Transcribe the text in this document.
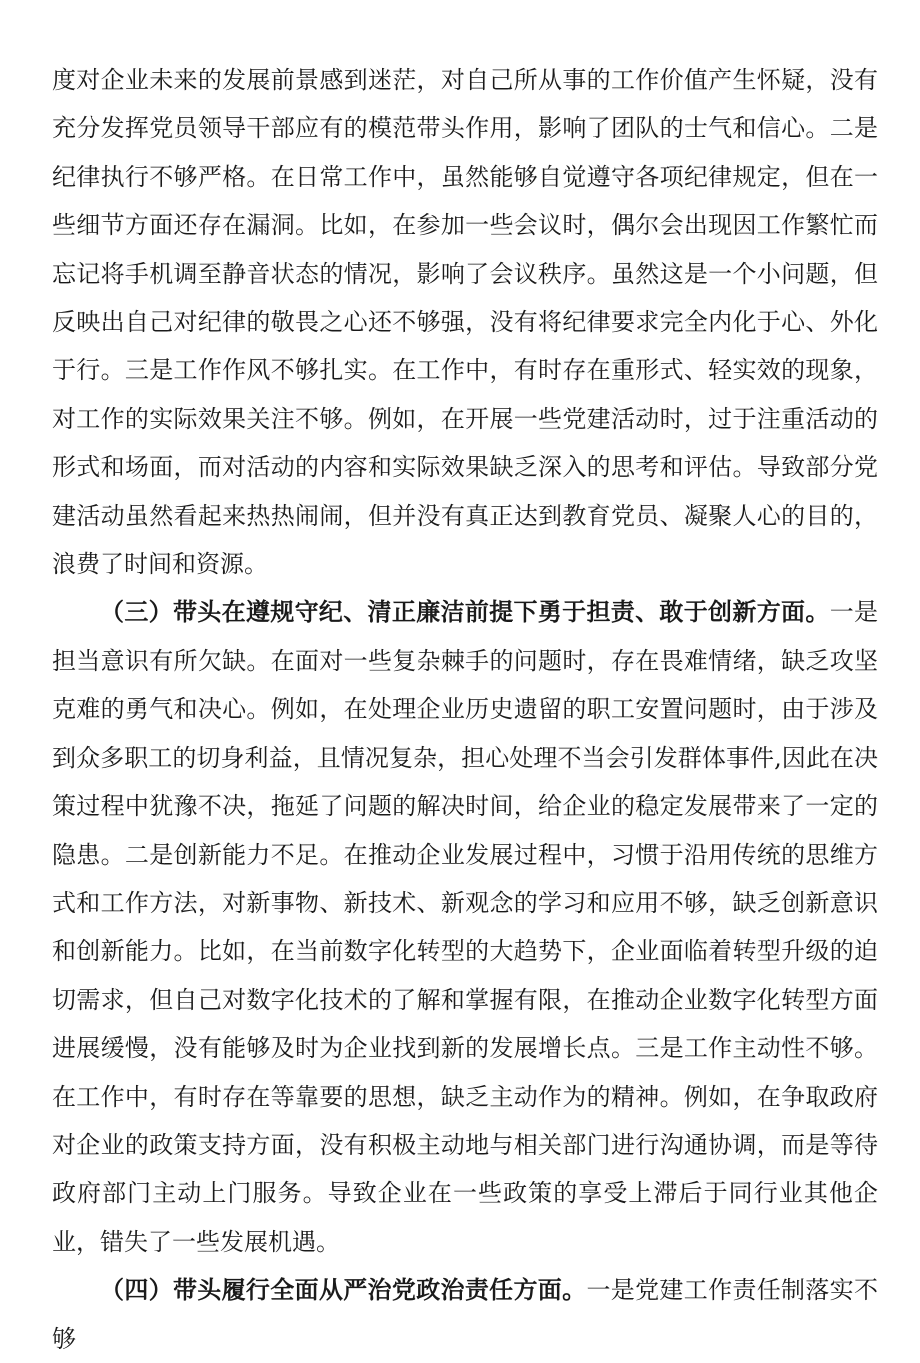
度对企业未来的发展前景感到迷茫，对自己所从事的工作价值产生怀疑，没有充分发挥党员领导干部应有的模范带头作用，影响了团队的士气和信心。二是纪律执行不够严格。在日常工作中，虽然能够自觉遵守各项纪律规定，但在一些细节方面还存在漏洞。比如，在参加一些会议时，偶尔会出现因工作繁忙而忘记将手机调至静音状态的情况，影响了会议秩序。虽然这是一个小问题，但反映出自己对纪律的敬畏之心还不够强，没有将纪律要求完全内化于心、外化于行。三是工作作风不够扎实。在工作中，有时存在重形式、轻实效的现象，对工作的实际效果关注不够。例如，在开展一些党建活动时，过于注重活动的形式和场面，而对活动的内容和实际效果缺乏深入的思考和评估。导致部分党建活动虽然看起来热热闹闹，但并没有真正达到教育党员、凝聚人心的目的，浪费了时间和资源。

（三）带头在遵规守纪、清正廉洁前提下勇于担责、敢于创新方面。一是担当意识有所欠缺。在面对一些复杂棘手的问题时，存在畏难情绪，缺乏攻坚克难的勇气和决心。例如，在处理企业历史遗留的职工安置问题时，由于涉及到众多职工的切身利益，且情况复杂，担心处理不当会引发群体事件,因此在决策过程中犹豫不决，拖延了问题的解决时间，给企业的稳定发展带来了一定的隐患。二是创新能力不足。在推动企业发展过程中，习惯于沿用传统的思维方式和工作方法，对新事物、新技术、新观念的学习和应用不够，缺乏创新意识和创新能力。比如，在当前数字化转型的大趋势下，企业面临着转型升级的迫切需求，但自己对数字化技术的了解和掌握有限，在推动企业数字化转型方面进展缓慢，没有能够及时为企业找到新的发展增长点。三是工作主动性不够。在工作中，有时存在等靠要的思想，缺乏主动作为的精神。例如，在争取政府对企业的政策支持方面，没有积极主动地与相关部门进行沟通协调，而是等待政府部门主动上门服务。导致企业在一些政策的享受上滞后于同行业其他企业，错失了一些发展机遇。

（四）带头履行全面从严治党政治责任方面。一是党建工作责任制落实不够
